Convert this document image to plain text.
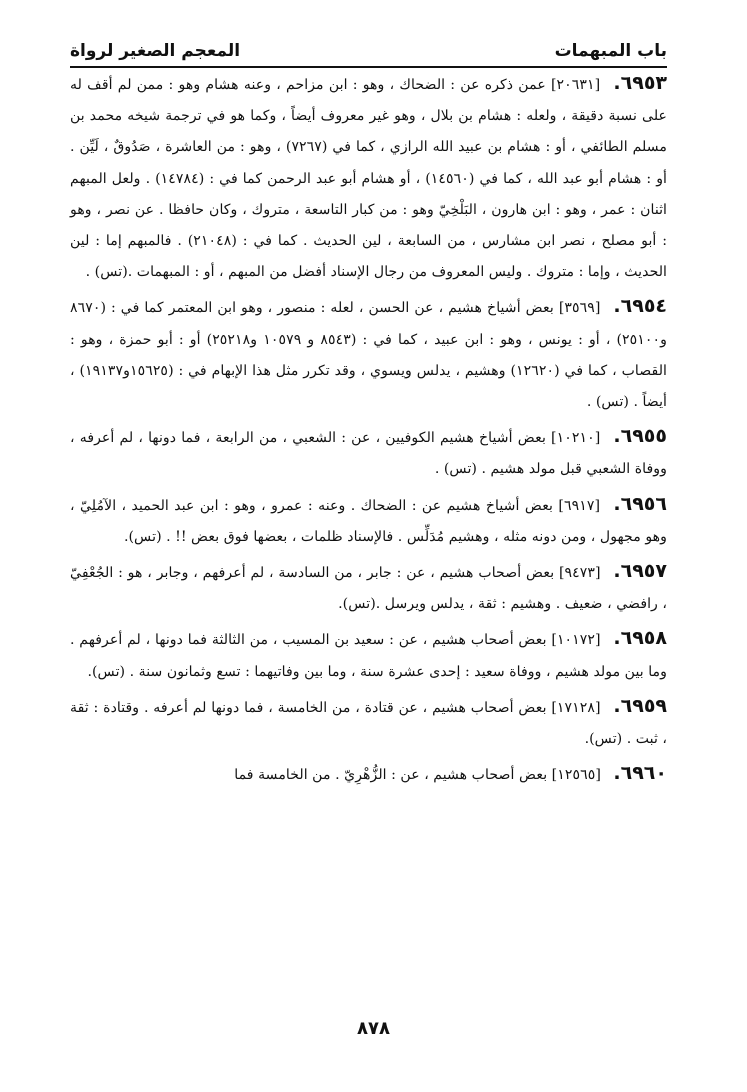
باب المبهمات
المعجم الصغير لرواة

٦٩٥٣. [٢٠٦٣١] عمن ذكره عن : الضحاك ، وهو : ابن مزاحم ، وعنه هشام وهو : ممن لم أقف له على نسبة دقيقة ، ولعله : هشام بن بلال ، وهو غير معروف أيضاً ، وكما هو في ترجمة شيخه محمد بن مسلم الطائفي ، أو : هشام بن عبيد الله الرازي ، كما في (٧٢٦٧) ، وهو : من العاشرة ، صَدُوقٌ ، لَيِّن . أو : هشام أبو عبد الله ، كما في (١٤٥٦٠) ، أو هشام أبو عبد الرحمن كما في : (١٤٧٨٤) . ولعل المبهم اثنان : عمر ، وهو : ابن هارون ، البَلْخِيّ وهو : من كبار التاسعة ، متروك ، وكان حافظا . عن نصر ، وهو : أبو مصلح ، نصر ابن مشارس ، من السابعة ، لين الحديث . كما في : (٢١٠٤٨) . فالمبهم إما : لين الحديث ، وإما : متروك . وليس المعروف من رجال الإسناد أفضل من المبهم ، أو : المبهمات .(تس) .

٦٩٥٤. [٣٥٦٩] بعض أشياخ هشيم ، عن الحسن ، لعله : منصور ، وهو ابن المعتمر كما في : (٨٦٧٠ و٢٥١٠٠) ، أو : يونس ، وهو : ابن عبيد ، كما في : (٨٥٤٣ و ١٠٥٧٩ و٢٥٢١٨) أو : أبو حمزة ، وهو : القصاب ، كما في (١٢٦٢٠) وهشيم ، يدلس ويسوي ، وقد تكرر مثل هذا الإبهام في : (١٥٦٢٥و١٩١٣٧) ، أيضاً . (تس) .

٦٩٥٥. [١٠٢١٠] بعض أشياخ هشيم الكوفيين ، عن : الشعبي ، من الرابعة ، فما دونها ، لم أعرفه ، ووفاة الشعبي قبل مولد هشيم . (تس) .

٦٩٥٦. [٦٩١٧] بعض أشياخ هشيم عن : الضحاك . وعنه : عمرو ، وهو : ابن عبد الحميد ، الآمُلِيّ ، وهو مجهول ، ومن دونه مثله ، وهشيم مُدَلِّس . فالإسناد ظلمات ، بعضها فوق بعض !! . (تس).

٦٩٥٧. [٩٤٧٣] بعض أصحاب هشيم ، عن : جابر ، من السادسة ، لم أعرفهم ، وجابر ، هو : الجُعْفِيّ ، رافضي ، ضعيف . وهشيم : ثقة ، يدلس ويرسل .(تس).

٦٩٥٨. [١٠١٧٢] بعض أصحاب هشيم ، عن : سعيد بن المسيب ، من الثالثة فما دونها ، لم أعرفهم . وما بين مولد هشيم ، ووفاة سعيد : إحدى عشرة سنة ، وما بين وفاتيهما : تسع وثمانون سنة . (تس).

٦٩٥٩. [١٧١٢٨] بعض أصحاب هشيم ، عن قتادة ، من الخامسة ، فما دونها لم أعرفه . وقتادة : ثقة ، ثبت . (تس).

٦٩٦٠. [١٢٥٦٥] بعض أصحاب هشيم ، عن : الزُّهْرِيّ . من الخامسة فما

٨٧٨
